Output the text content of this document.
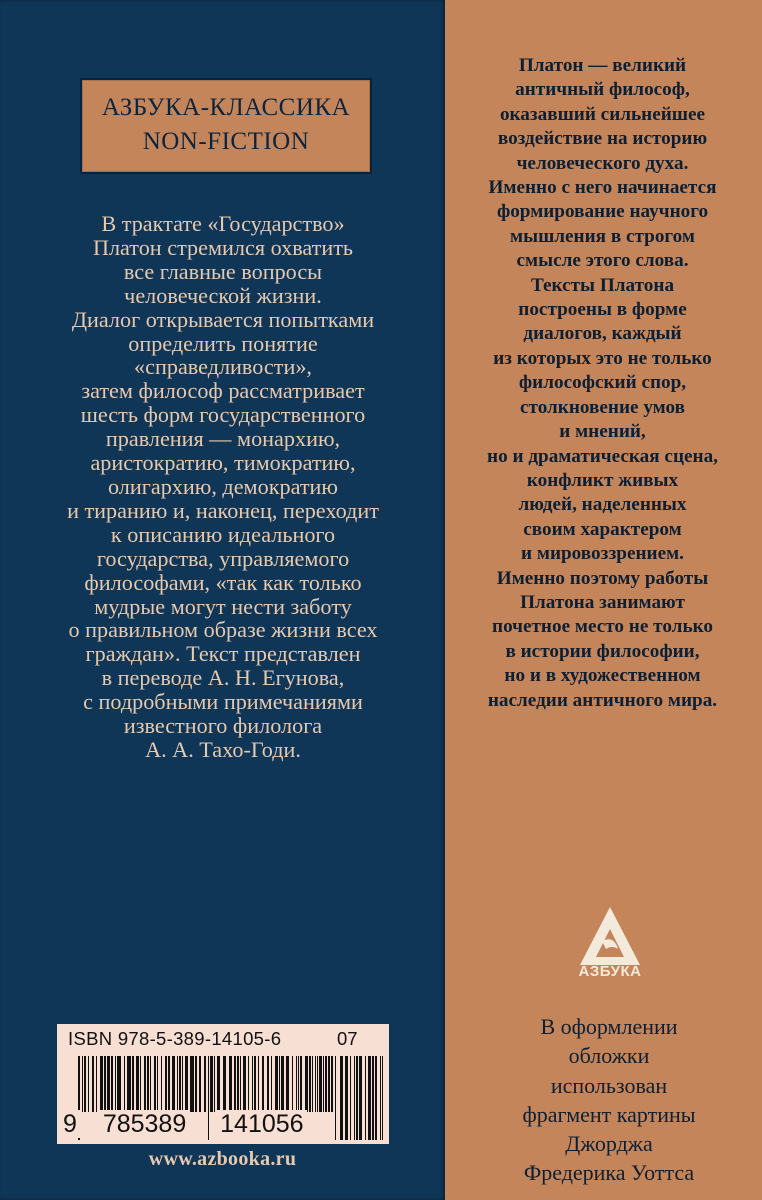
АЗБУКА-КЛАССИКА
NON-FICTION

В трактате «Государство»
Платон стремился охватить
все главные вопросы
человеческой жизни.
Диалог открывается попытками
определить понятие
«справедливости»,
затем философ рассматривает
шесть форм государственного
правления — монархию,
аристократию, тимократию,
олигархию, демократию
и тиранию и, наконец, переходит
к описанию идеального
государства, управляемого
философами, «так как только
мудрые могут нести заботу
о правильном образе жизни всех
граждан». Текст представлен
в переводе А. Н. Егунова,
с подробными примечаниями
известного филолога
А. А. Тахо-Годи.

Платон — великий
античный философ,
оказавший сильнейшее
воздействие на историю
человеческого духа.
Именно с него начинается
формирование научного
мышления в строгом
смысле этого слова.
Тексты Платона
построены в форме
диалогов, каждый
из которых это не только
философский спор,
столкновение умов
и мнений,
но и драматическая сцена,
конфликт живых
людей, наделенных
своим характером
и мировоззрением.
Именно поэтому работы
Платона занимают
почетное место не только
в истории философии,
но и в художественном
наследии античного мира.

ISBN 978-5-389-14105-6	07
9 785389 141056
www.azbooka.ru
АЗБУКА

В оформлении
обложки
использован
фрагмент картины
Джорджа
Фредерика Уоттса
